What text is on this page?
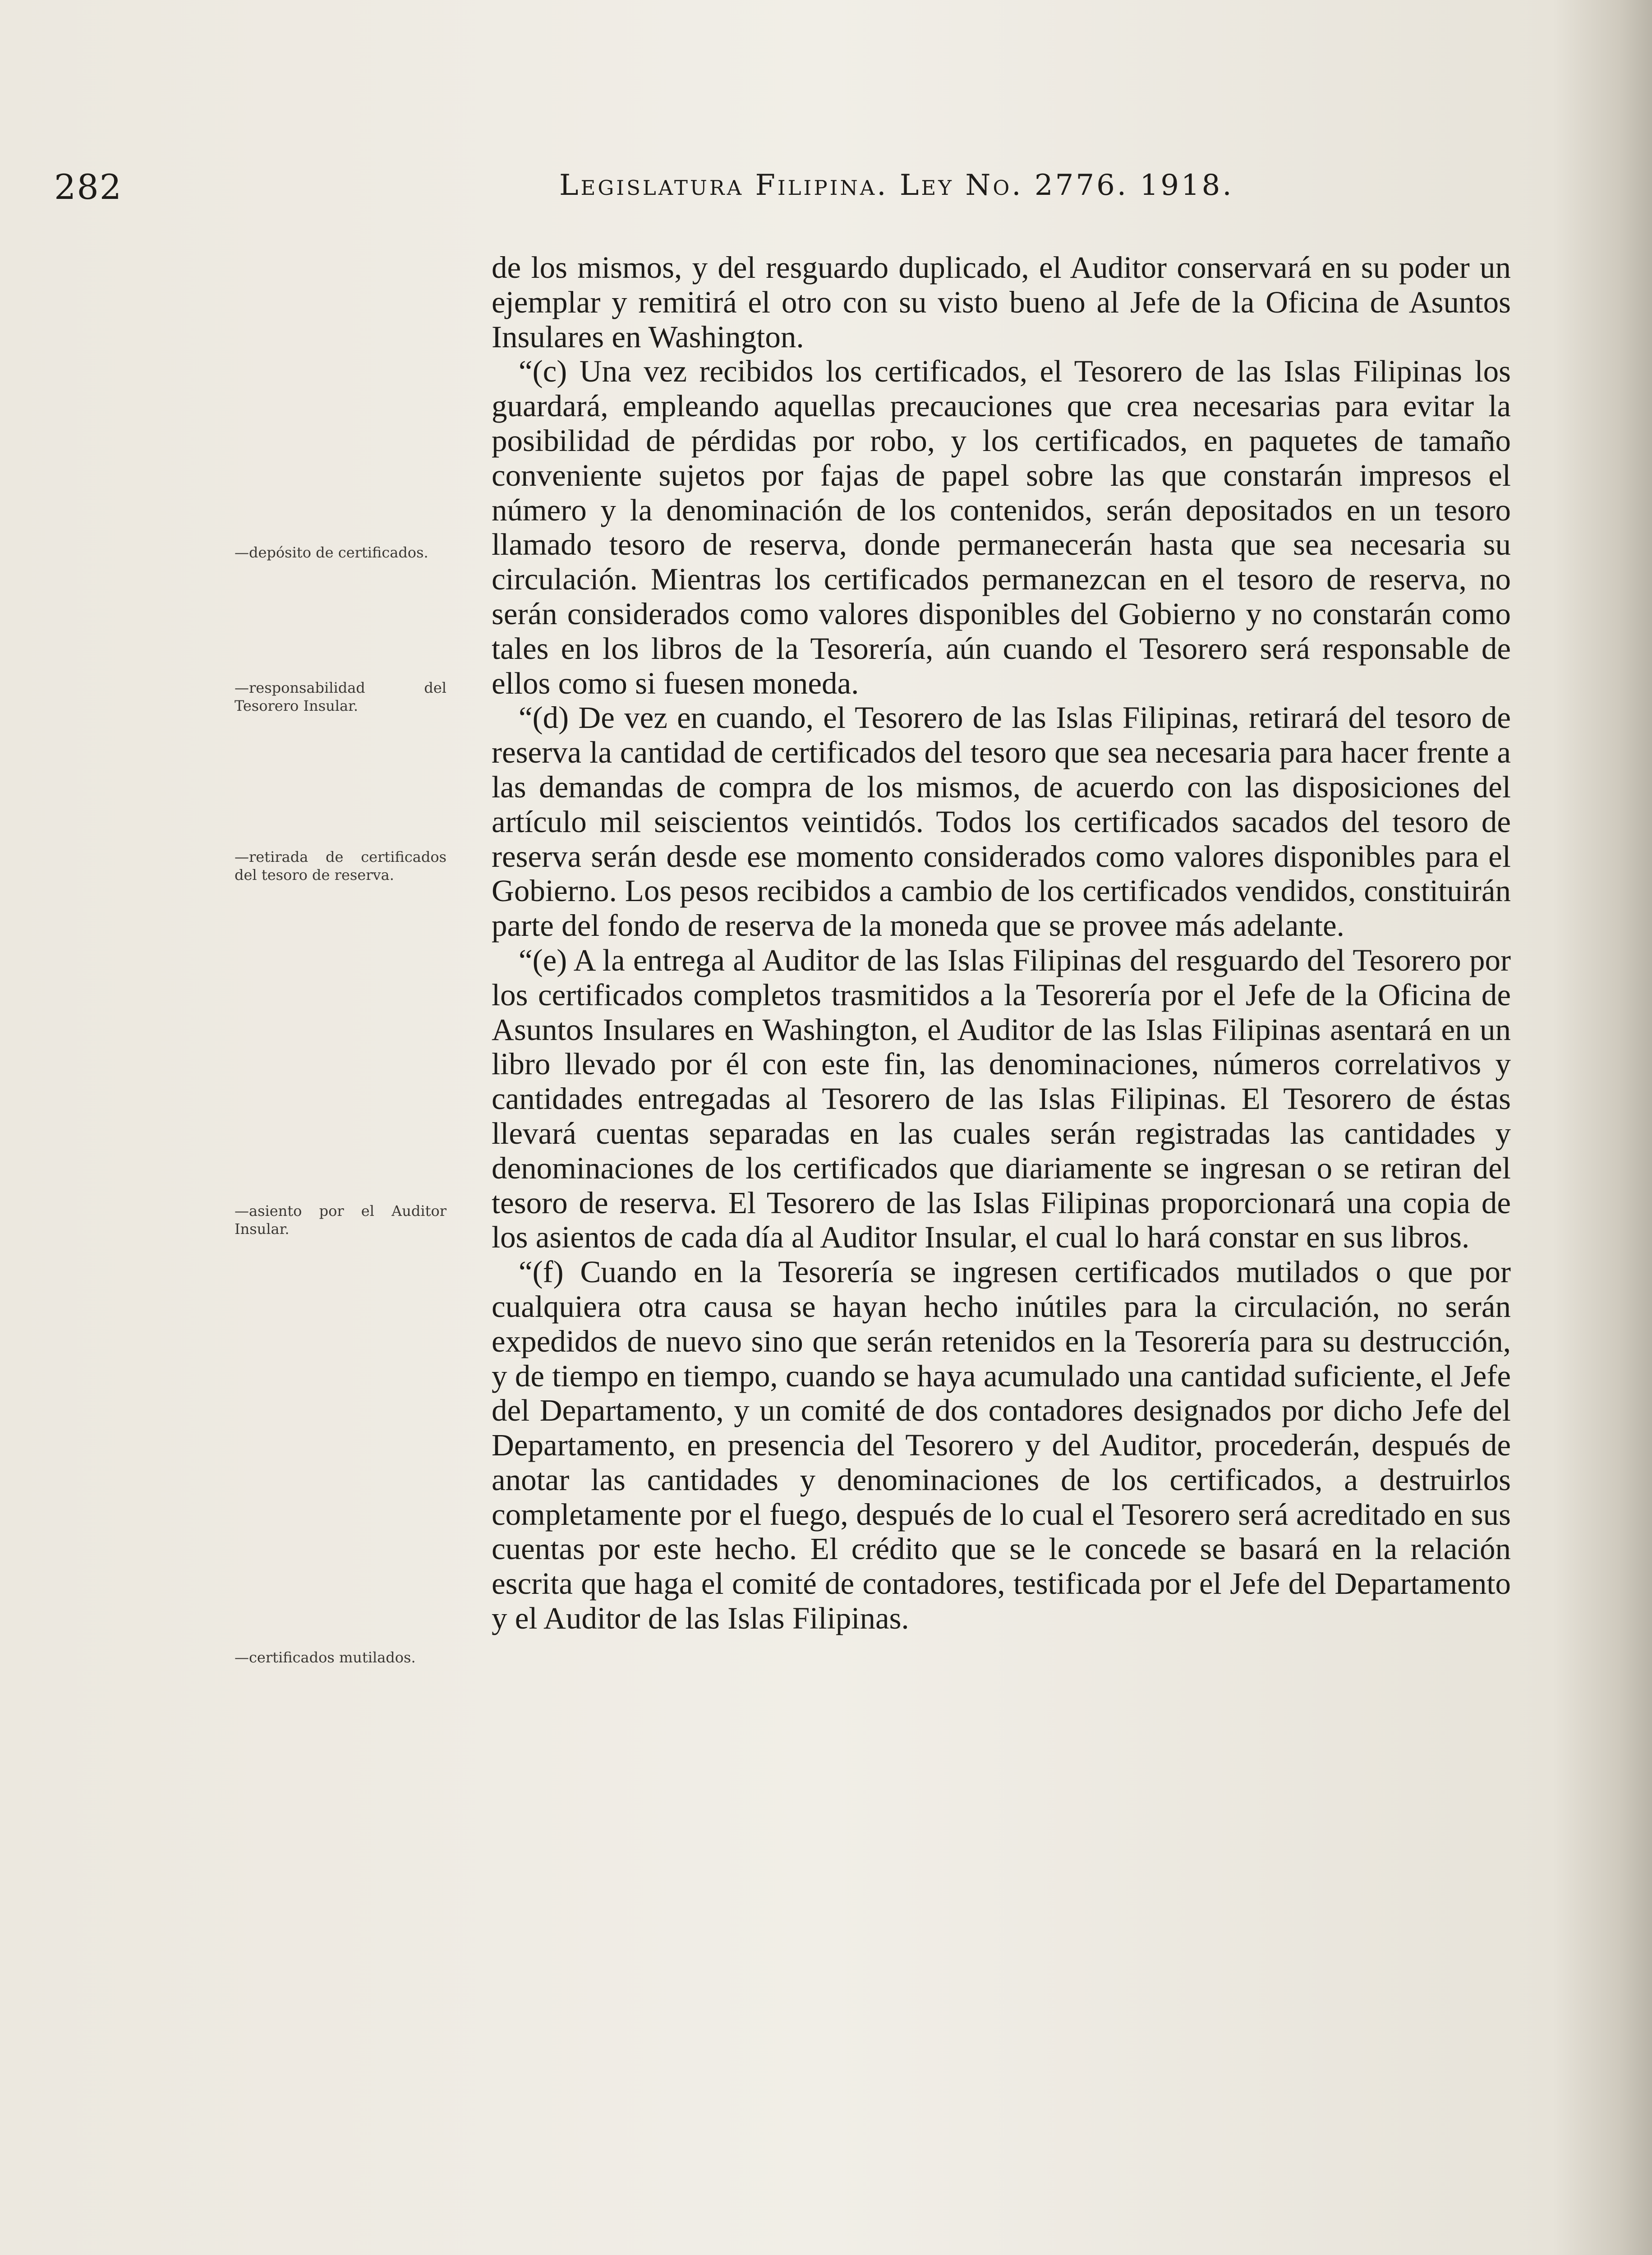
282	Legislatura Filipina. Ley No. 2776. 1918.
—depósito de certificados.
—responsabilidad del Tesorero Insular.
—retirada de certificados del tesoro de reserva.
—asiento por el Auditor Insular.
—certificados mutilados.

de los mismos, y del resguardo duplicado, el Auditor conservará en su poder un ejemplar y remitirá el otro con su visto bueno al Jefe de la Oficina de Asuntos Insulares en Washington.

“(c) Una vez recibidos los certificados, el Tesorero de las Islas Filipinas los guardará, empleando aquellas precauciones que crea necesarias para evitar la posibilidad de pérdidas por robo, y los certificados, en paquetes de tamaño conveniente sujetos por fajas de papel sobre las que constarán impresos el número y la denominación de los contenidos, serán depositados en un tesoro llamado tesoro de reserva, donde permanecerán hasta que sea necesaria su circulación. Mientras los certificados permanezcan en el tesoro de reserva, no serán considerados como valores disponibles del Gobierno y no constarán como tales en los libros de la Tesorería, aún cuando el Tesorero será responsable de ellos como si fuesen moneda.

“(d) De vez en cuando, el Tesorero de las Islas Filipinas, retirará del tesoro de reserva la cantidad de certificados del tesoro que sea necesaria para hacer frente a las demandas de compra de los mismos, de acuerdo con las disposiciones del artículo mil seiscientos veintidós. Todos los certificados sacados del tesoro de reserva serán desde ese momento considerados como valores disponibles para el Gobierno. Los pesos recibidos a cambio de los certificados vendidos, constituirán parte del fondo de reserva de la moneda que se provee más adelante.

“(e) A la entrega al Auditor de las Islas Filipinas del resguardo del Tesorero por los certificados completos trasmitidos a la Tesorería por el Jefe de la Oficina de Asuntos Insulares en Washington, el Auditor de las Islas Filipinas asentará en un libro llevado por él con este fin, las denominaciones, números correlativos y cantidades entregadas al Tesorero de las Islas Filipinas. El Tesorero de éstas llevará cuentas separadas en las cuales serán registradas las cantidades y denominaciones de los certificados que diariamente se ingresan o se retiran del tesoro de reserva. El Tesorero de las Islas Filipinas proporcionará una copia de los asientos de cada día al Auditor Insular, el cual lo hará constar en sus libros.

“(f) Cuando en la Tesorería se ingresen certificados mutilados o que por cualquiera otra causa se hayan hecho inútiles para la circulación, no serán expedidos de nuevo sino que serán retenidos en la Tesorería para su destrucción, y de tiempo en tiempo, cuando se haya acumulado una cantidad suficiente, el Jefe del Departamento, y un comité de dos contadores designados por dicho Jefe del Departamento, en presencia del Tesorero y del Auditor, procederán, después de anotar las cantidades y denominaciones de los certificados, a destruirlos completamente por el fuego, después de lo cual el Tesorero será acreditado en sus cuentas por este hecho. El crédito que se le concede se basará en la relación escrita que haga el comité de contadores, testificada por el Jefe del Departamento y el Auditor de las Islas Filipinas.
